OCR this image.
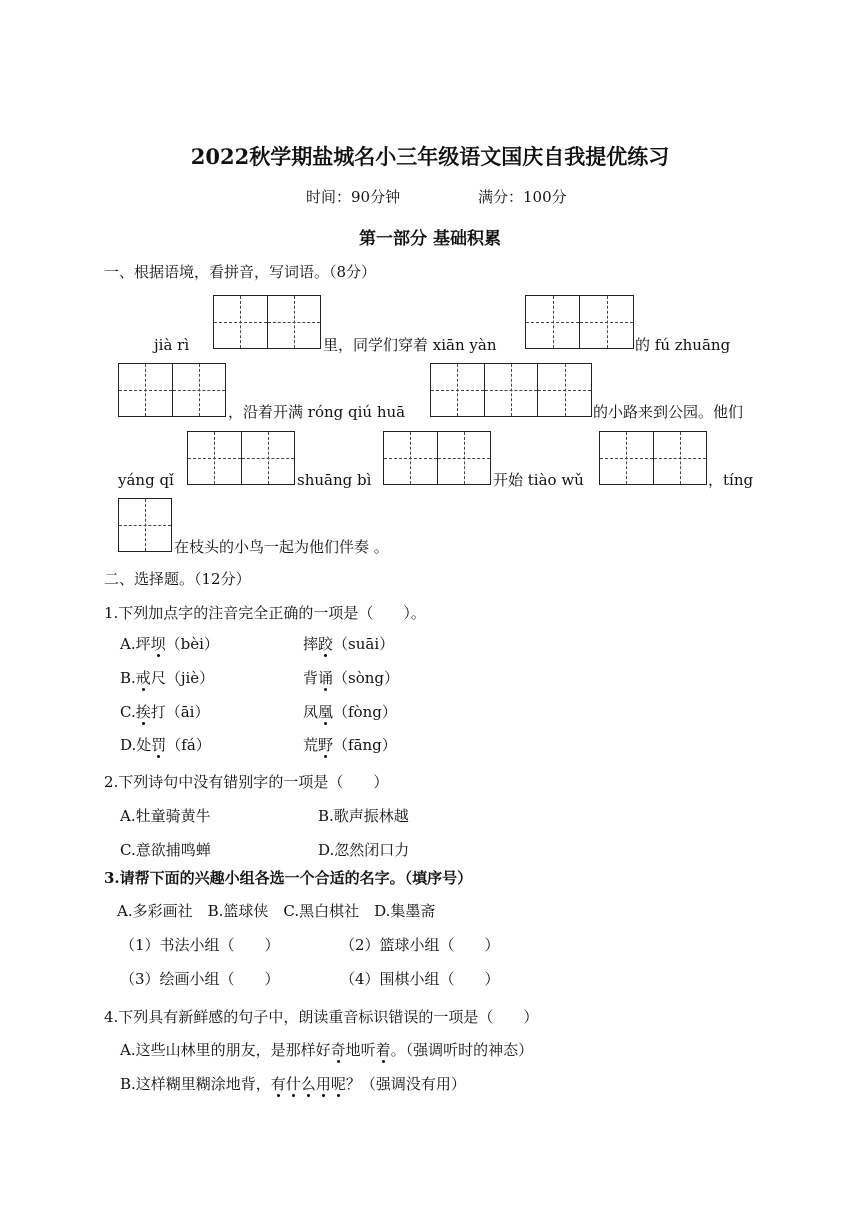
2022秋学期盐城名小三年级语文国庆自我提优练习
时间：90分钟	满分：100分
第一部分 基础积累
一、根据语境，看拼音，写词语。（8分）
jià rì	里，同学们穿着 xiān yàn	的 fú zhuāng
，沿着开满 róng qiú huā	的小路来到公园。他们
yáng qǐ	shuāng bì	开始 tiào wǔ	，tíng
在枝头的小鸟一起为他们伴奏 。
二、选择题。（12分）
1.下列加点字的注音完全正确的一项是（　　）。
A.坪坝（bèi）	摔跤（suāi）
B.戒尺（jiè）	背诵（sòng）
C.挨打（āi）	凤凰（fòng）
D.处罚（fá）	荒野（fāng）
2.下列诗句中没有错别字的一项是（　　）
A.牡童骑黄牛	B.歌声振林越
C.意欲捕鸣蝉	D.忽然闭口力
3.请帮下面的兴趣小组各选一个合适的名字。（填序号）
A.多彩画社　B.篮球侠　C.黑白棋社　D.集墨斋
（1）书法小组（　　）	（2）篮球小组（　　）
（3）绘画小组（　　）	（4）围棋小组（　　）
4.下列具有新鲜感的句子中，朗读重音标识错误的一项是（　　）
A.这些山林里的朋友，是那样好奇地听着。（强调听时的神态）
B.这样糊里糊涂地背，有什么用呢？（强调没有用）
